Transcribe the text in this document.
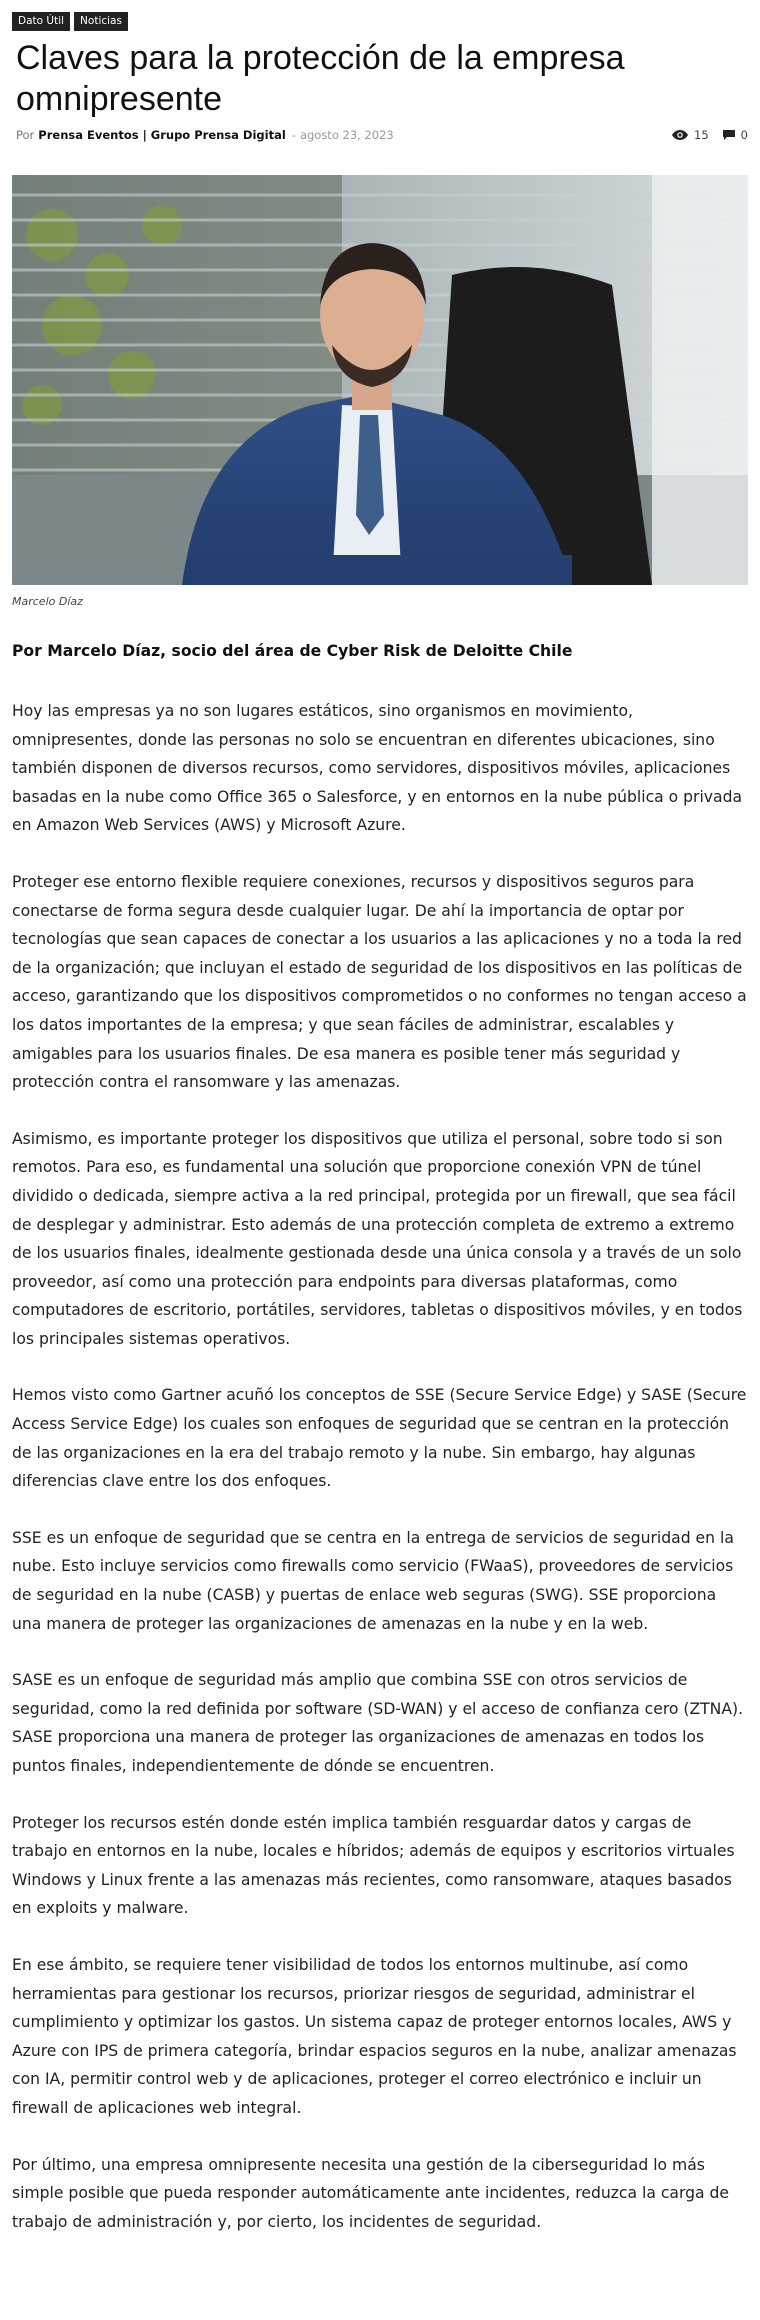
Dato Útil	Noticias
Claves para la protección de la empresa omnipresente
Por Prensa Eventos | Grupo Prensa Digital - agosto 23, 2023	15	0
Marcelo Díaz

Por Marcelo Díaz, socio del área de Cyber Risk de Deloitte Chile

Hoy las empresas ya no son lugares estáticos, sino organismos en movimiento, omnipresentes, donde las personas no solo se encuentran en diferentes ubicaciones, sino también disponen de diversos recursos, como servidores, dispositivos móviles, aplicaciones basadas en la nube como Office 365 o Salesforce, y en entornos en la nube pública o privada en Amazon Web Services (AWS) y Microsoft Azure.

Proteger ese entorno flexible requiere conexiones, recursos y dispositivos seguros para conectarse de forma segura desde cualquier lugar. De ahí la importancia de optar por tecnologías que sean capaces de conectar a los usuarios a las aplicaciones y no a toda la red de la organización; que incluyan el estado de seguridad de los dispositivos en las políticas de acceso, garantizando que los dispositivos comprometidos o no conformes no tengan acceso a los datos importantes de la empresa; y que sean fáciles de administrar, escalables y amigables para los usuarios finales. De esa manera es posible tener más seguridad y protección contra el ransomware y las amenazas.

Asimismo, es importante proteger los dispositivos que utiliza el personal, sobre todo si son remotos. Para eso, es fundamental una solución que proporcione conexión VPN de túnel dividido o dedicada, siempre activa a la red principal, protegida por un firewall, que sea fácil de desplegar y administrar. Esto además de una protección completa de extremo a extremo de los usuarios finales, idealmente gestionada desde una única consola y a través de un solo proveedor, así como una protección para endpoints para diversas plataformas, como computadores de escritorio, portátiles, servidores, tabletas o dispositivos móviles, y en todos los principales sistemas operativos.

Hemos visto como Gartner acuñó los conceptos de SSE (Secure Service Edge) y SASE (Secure Access Service Edge) los cuales son enfoques de seguridad que se centran en la protección de las organizaciones en la era del trabajo remoto y la nube. Sin embargo, hay algunas diferencias clave entre los dos enfoques.

SSE es un enfoque de seguridad que se centra en la entrega de servicios de seguridad en la nube. Esto incluye servicios como firewalls como servicio (FWaaS), proveedores de servicios de seguridad en la nube (CASB) y puertas de enlace web seguras (SWG). SSE proporciona una manera de proteger las organizaciones de amenazas en la nube y en la web.

SASE es un enfoque de seguridad más amplio que combina SSE con otros servicios de seguridad, como la red definida por software (SD-WAN) y el acceso de confianza cero (ZTNA). SASE proporciona una manera de proteger las organizaciones de amenazas en todos los puntos finales, independientemente de dónde se encuentren.

Proteger los recursos estén donde estén implica también resguardar datos y cargas de trabajo en entornos en la nube, locales e híbridos; además de equipos y escritorios virtuales Windows y Linux frente a las amenazas más recientes, como ransomware, ataques basados en exploits y malware.

En ese ámbito, se requiere tener visibilidad de todos los entornos multinube, así como herramientas para gestionar los recursos, priorizar riesgos de seguridad, administrar el cumplimiento y optimizar los gastos. Un sistema capaz de proteger entornos locales, AWS y Azure con IPS de primera categoría, brindar espacios seguros en la nube, analizar amenazas con IA, permitir control web y de aplicaciones, proteger el correo electrónico e incluir un firewall de aplicaciones web integral.

Por último, una empresa omnipresente necesita una gestión de la ciberseguridad lo más simple posible que pueda responder automáticamente ante incidentes, reduzca la carga de trabajo de administración y, por cierto, los incidentes de seguridad.
